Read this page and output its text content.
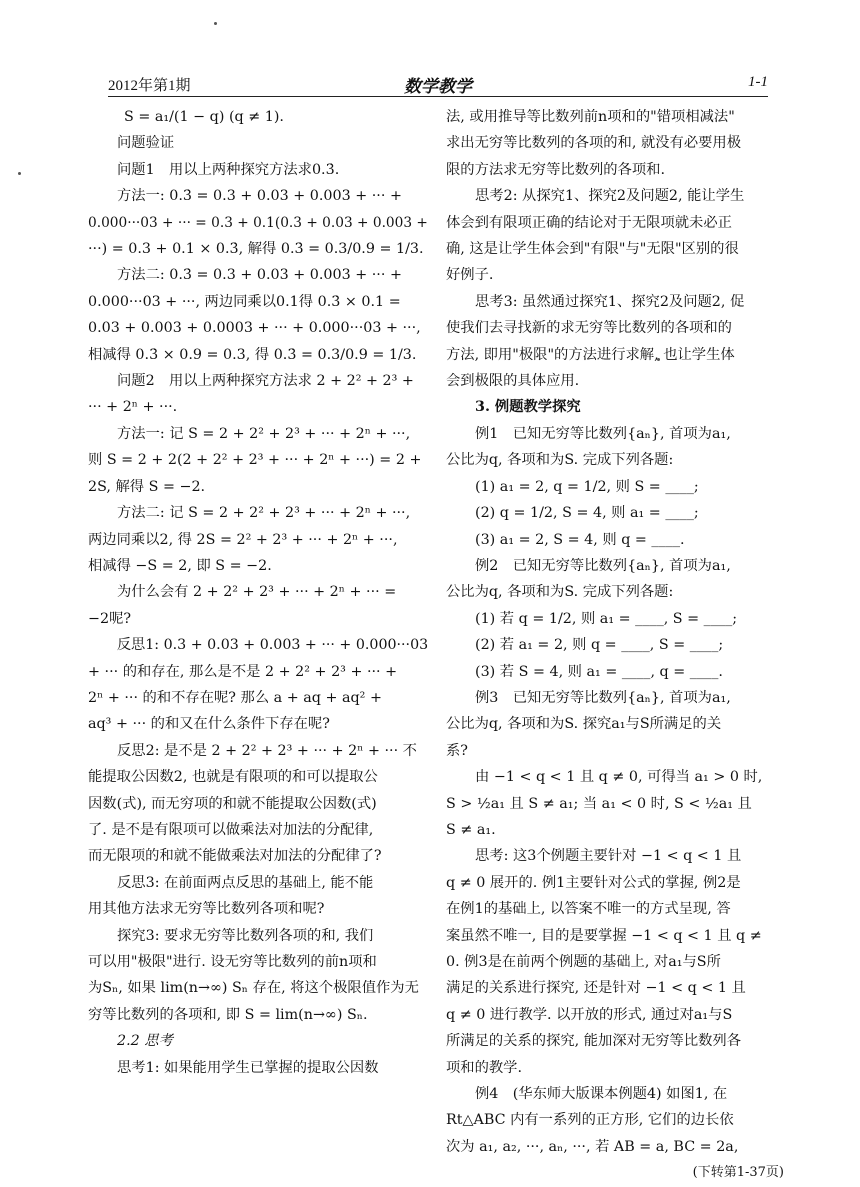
2012年第1期	数学教学	1-1

S = a₁/(1 − q) (q ≠ 1).

问题验证

问题1　用以上两种探究方法求0.3̇.

方法一: 0.3̇ = 0.3 + 0.03 + 0.003 + ··· +

0.000···03 + ··· = 0.3 + 0.1(0.3 + 0.03 + 0.003 +

···) = 0.3 + 0.1 × 0.3̇, 解得 0.3̇ = 0.3/0.9 = 1/3.

方法二: 0.3̇ = 0.3 + 0.03 + 0.003 + ··· +

0.000···03 + ···, 两边同乘以0.1得 0.3̇ × 0.1 =

0.03 + 0.003 + 0.0003 + ··· + 0.000···03 + ···,

相减得 0.3̇ × 0.9 = 0.3, 得 0.3̇ = 0.3/0.9 = 1/3.

问题2　用以上两种探究方法求 2 + 2² + 2³ +

··· + 2ⁿ + ···.

方法一: 记 S = 2 + 2² + 2³ + ··· + 2ⁿ + ···,

则 S = 2 + 2(2 + 2² + 2³ + ··· + 2ⁿ + ···) = 2 +

2S, 解得 S = −2.

方法二: 记 S = 2 + 2² + 2³ + ··· + 2ⁿ + ···,

两边同乘以2, 得 2S = 2² + 2³ + ··· + 2ⁿ + ···,

相减得 −S = 2, 即 S = −2.

为什么会有 2 + 2² + 2³ + ··· + 2ⁿ + ··· =

−2呢?

反思1: 0.3 + 0.03 + 0.003 + ··· + 0.000···03

+ ··· 的和存在, 那么是不是 2 + 2² + 2³ + ··· +

2ⁿ + ··· 的和不存在呢? 那么 a + aq + aq² +

aq³ + ··· 的和又在什么条件下存在呢?

反思2: 是不是 2 + 2² + 2³ + ··· + 2ⁿ + ··· 不

能提取公因数2, 也就是有限项的和可以提取公

因数(式), 而无穷项的和就不能提取公因数(式)

了. 是不是有限项可以做乘法对加法的分配律,

而无限项的和就不能做乘法对加法的分配律了?

反思3: 在前面两点反思的基础上, 能不能

用其他方法求无穷等比数列各项和呢?

探究3: 要求无穷等比数列各项的和, 我们

可以用"极限"进行. 设无穷等比数列的前n项和

为Sₙ, 如果 lim(n→∞) Sₙ 存在, 将这个极限值作为无

穷等比数列的各项和, 即 S = lim(n→∞) Sₙ.

2.2 思考

思考1: 如果能用学生已掌握的提取公因数

法, 或用推导等比数列前n项和的"错项相减法"

求出无穷等比数列的各项的和, 就没有必要用极

限的方法求无穷等比数列的各项和.

思考2: 从探究1、探究2及问题2, 能让学生

体会到有限项正确的结论对于无限项就未必正

确, 这是让学生体会到"有限"与"无限"区别的很

好例子.

思考3: 虽然通过探究1、探究2及问题2, 促

使我们去寻找新的求无穷等比数列的各项和的

方法, 即用"极限"的方法进行求解, 也让学生体

会到极限的具体应用.

3. 例题教学探究

例1　已知无穷等比数列{aₙ}, 首项为a₁,

公比为q, 各项和为S. 完成下列各题:

(1) a₁ = 2, q = 1/2, 则 S = ____;

(2) q = 1/2, S = 4, 则 a₁ = ____;

(3) a₁ = 2, S = 4, 则 q = ____.

例2　已知无穷等比数列{aₙ}, 首项为a₁,

公比为q, 各项和为S. 完成下列各题:

(1) 若 q = 1/2, 则 a₁ = ____, S = ____;

(2) 若 a₁ = 2, 则 q = ____, S = ____;

(3) 若 S = 4, 则 a₁ = ____, q = ____.

例3　已知无穷等比数列{aₙ}, 首项为a₁,

公比为q, 各项和为S. 探究a₁与S所满足的关

系?

由 −1 < q < 1 且 q ≠ 0, 可得当 a₁ > 0 时,

S > ½a₁ 且 S ≠ a₁; 当 a₁ < 0 时, S < ½a₁ 且

S ≠ a₁.

思考: 这3个例题主要针对 −1 < q < 1 且

q ≠ 0 展开的. 例1主要针对公式的掌握, 例2是

在例1的基础上, 以答案不唯一的方式呈现, 答

案虽然不唯一, 目的是要掌握 −1 < q < 1 且 q ≠

0. 例3是在前两个例题的基础上, 对a₁与S所

满足的关系进行探究, 还是针对 −1 < q < 1 且

q ≠ 0 进行教学. 以开放的形式, 通过对a₁与S

所满足的关系的探究, 能加深对无穷等比数列各

项和的教学.

例4　(华东师大版课本例题4) 如图1, 在

Rt△ABC 内有一系列的正方形, 它们的边长依

次为 a₁, a₂, ···, aₙ, ···, 若 AB = a, BC = 2a,

(下转第1-37页)
